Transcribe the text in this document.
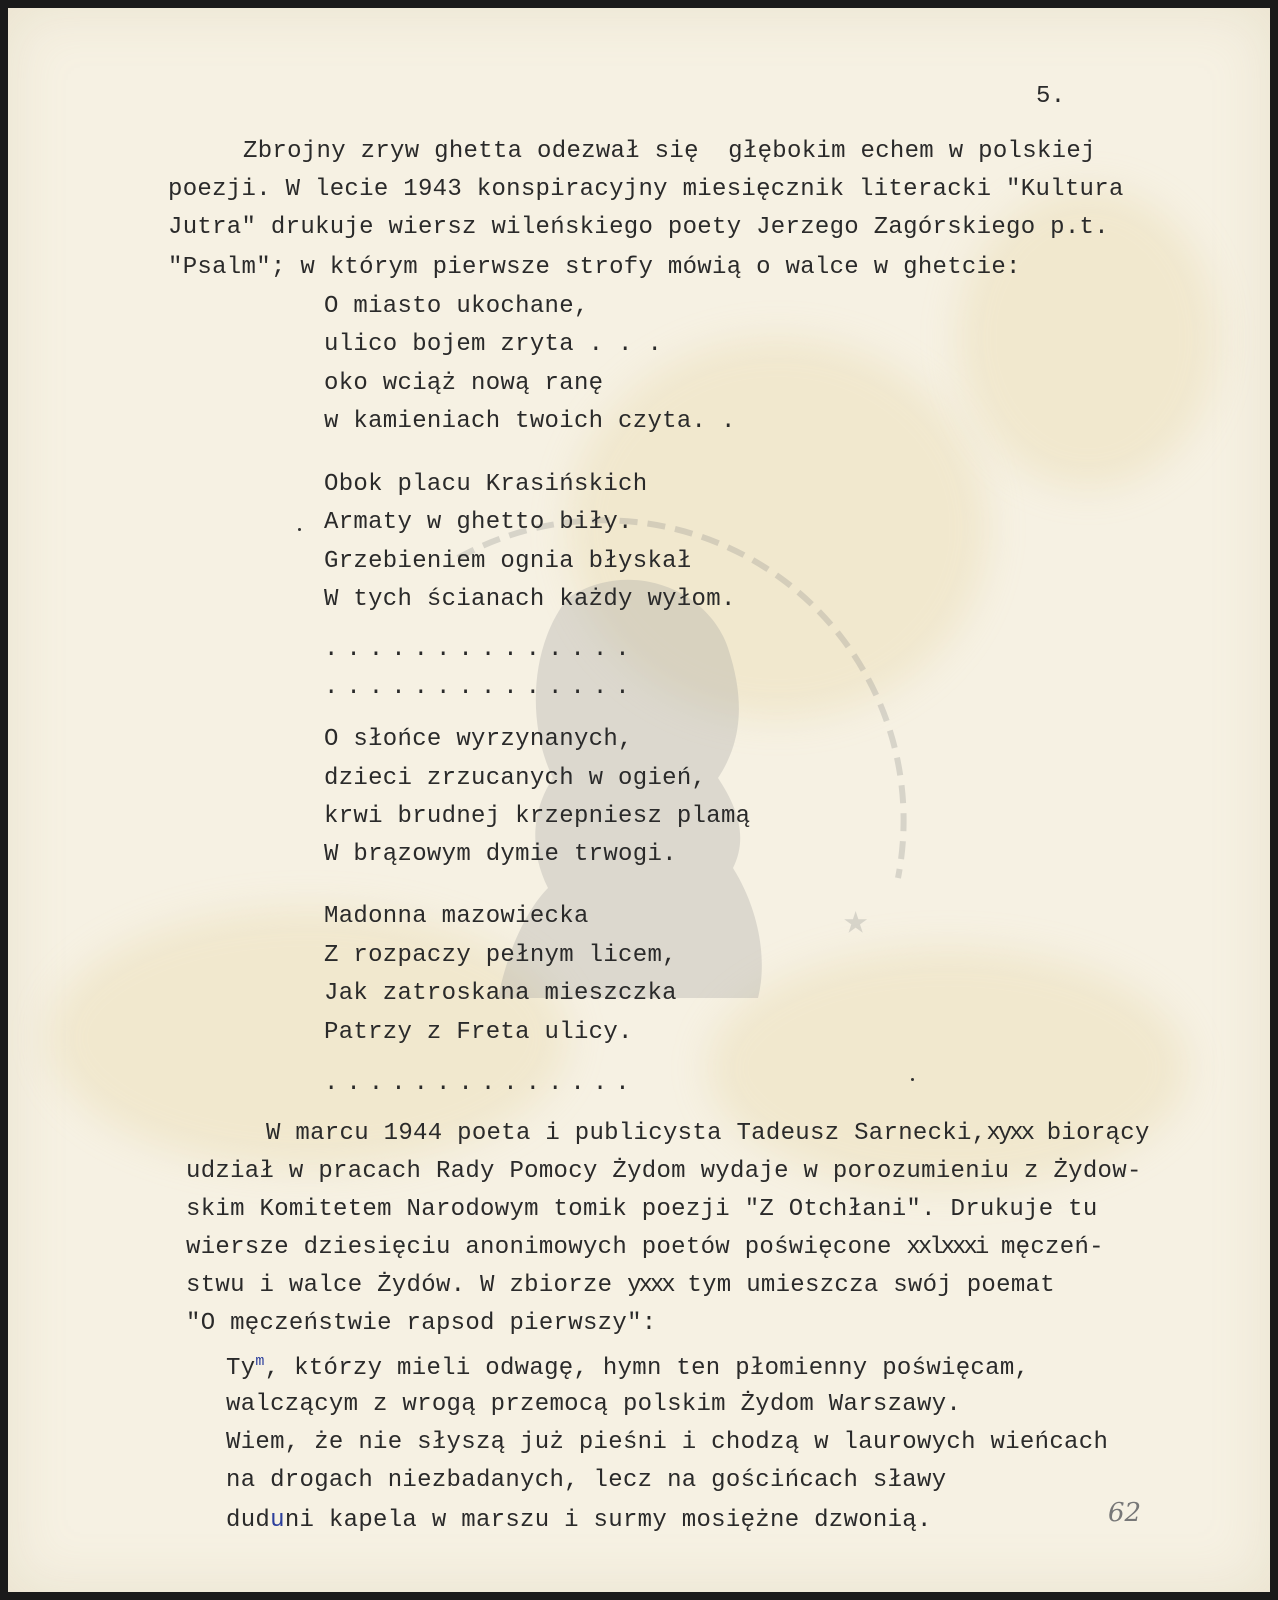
★
5.
Zbrojny zryw ghetta odezwał się  głębokim echem w polskiej
poezji. W lecie 1943 konspiracyjny miesięcznik literacki "Kultura
Jutra" drukuje wiersz wileńskiego poety Jerzego Zagórskiego p.t.
"Psalm"; w którym pierwsze strofy mówią o walce w ghetcie:
O miasto ukochane,
ulico bojem zryta . . .
oko wciąż nową ranę
w kamieniach twoich czyta. .
Obok placu Krasińskich
Armaty w ghetto biły.
Grzebieniem ognia błyskał
W tych ścianach każdy wyłom.
..............
..............
O słońce wyrzynanych,
dzieci zrzucanych w ogień,
krwi brudnej krzepniesz plamą
W brązowym dymie trwogi.
Madonna mazowiecka
Z rozpaczy pełnym licem,
Jak zatroskana mieszczka
Patrzy z Freta ulicy.
..............
W marcu 1944 poeta i publicysta Tadeusz Sarnecki,xyxx biorący
udział w pracach Rady Pomocy Żydom wydaje w porozumieniu z Żydow-
skim Komitetem Narodowym tomik poezji "Z Otchłani". Drukuje tu
wiersze dziesięciu anonimowych poetów poświęcone xxlxxxi męczeń-
stwu i walce Żydów. W zbiorze yxxx tym umieszcza swój poemat
"O męczeństwie rapsod pierwszy":
Ty$^m$, którzy mieli odwagę, hymn ten płomienny poświęcam,
walczącym z wrogą przemocą polskim Żydom Warszawy.
Wiem, że nie słyszą już pieśni i chodzą w laurowych wieńcach
na drogach niezbadanych, lecz na gościńcach sławy
duduni kapela w marszu i surmy mosiężne dzwonią.	62
